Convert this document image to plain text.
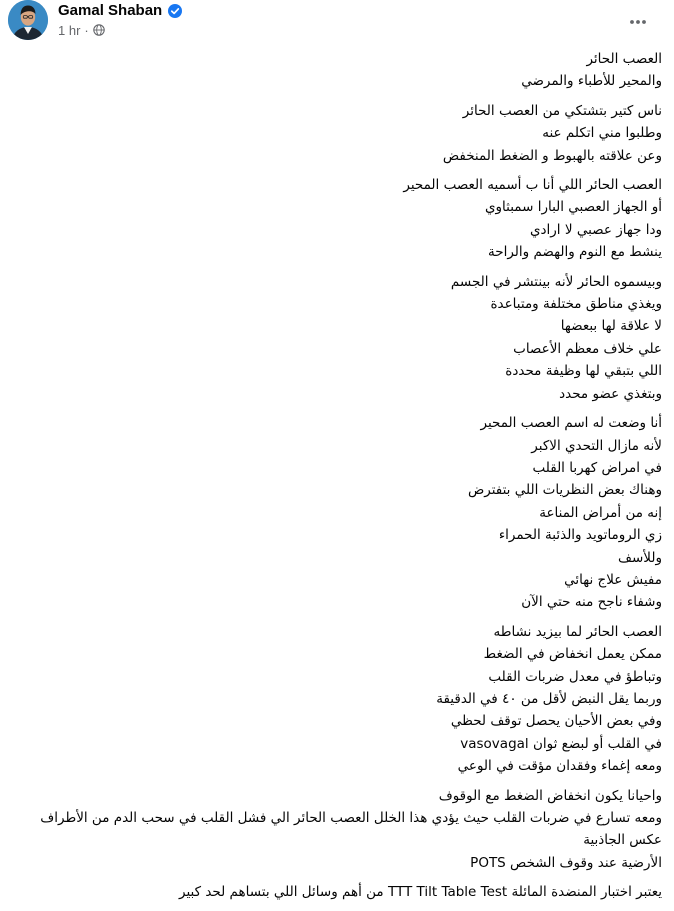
Gamal Shaban
1 hr ·
العصب الحائر
والمحير للأطباء والمرضي
ناس كتير بتشتكي من العصب الحائر
وطلبوا مني اتكلم عنه
وعن علاقته بالهبوط و الضغط المنخفض
العصب الحائر اللي أنا ب أسميه العصب المحير
أو الجهاز العصبي البارا سمبثاوي
ودا جهاز عصبي لا ارادي
ينشط مع النوم والهضم والراحة
وبيسموه الحائر لأنه بينتشر في الجسم
ويغذي مناطق مختلفة ومتباعدة
لا علاقة لها ببعضها
علي خلاف معظم الأعصاب
اللي بتبقي لها وظيفة محددة
وبتغذي عضو محدد
أنا وضعت له اسم العصب المحير
لأنه مازال التحدي الاكبر
في امراض كهربا القلب
وهناك بعض النظريات اللي بتفترض
إنه من أمراض المناعة
زي الروماتويد والذئبة الحمراء
وللأسف
مفيش علاج نهائي
وشفاء ناجح منه حتي الآن
العصب الحائر لما بيزيد نشاطه
ممكن يعمل انخفاض في الضغط
وتباطؤ في معدل ضربات القلب
وربما يقل النبض لأقل من ٤٠ في الدقيقة
وفي بعض الأحيان يحصل توقف لحظي
في القلب أو لبضع ثوان vasovagal
ومعه إغماء وفقدان مؤقت في الوعي
واحيانا يكون انخفاض الضغط مع الوقوف
ومعه تسارع في ضربات القلب حيث يؤدي هذا الخلل العصب الحائر الي فشل القلب في سحب الدم من الأطراف عكس الجاذبية
الأرضية عند وقوف الشخص POTS
يعتبر اختبار المنضدة المائلة TTT Tilt Table Test من أهم وسائل اللي بتساهم لحد كبير
